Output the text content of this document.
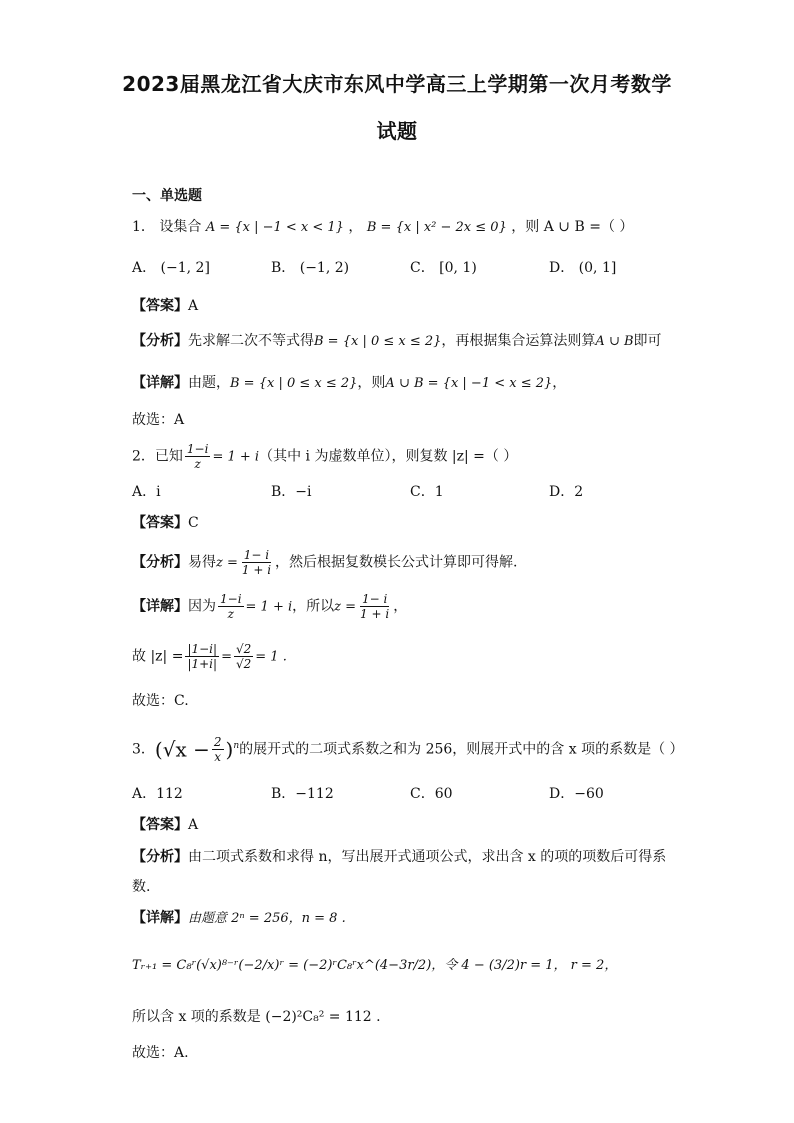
2023届黑龙江省大庆市东风中学高三上学期第一次月考数学
试题
一、单选题
1． 设集合 A = {x | −1 < x < 1} ， B = {x | x² − 2x ≤ 0} ，则 A ∪ B =（ ）
A． (−1, 2]	B． (−1, 2)	C． [0, 1)	D． (0, 1]
【答案】A
【分析】先求解二次不等式得B = {x | 0 ≤ x ≤ 2}，再根据集合运算法则算A ∪ B即可
【详解】由题，B = {x | 0 ≤ x ≤ 2}，则A ∪ B = {x | −1 < x ≤ 2}，
故选：A
2．已知 $\frac{1-i}{z} = 1 + i$（其中 i 为虚数单位），则复数 |z| =（ ）
A．i	B．−i	C．1	D．2
【答案】C
【分析】易得$z = \frac{1- i}{1 + i}$ ，然后根据复数模长公式计算即可得解.
【详解】因为 $\frac{1-i}{z} = 1 + i$，所以$z = \frac{1- i}{1 + i}$ ，
故 $|z| = \frac{|1-i|}{|1+i|} = \frac{√2}{√2} = 1$ .
故选：C.
3．$(√x - \frac{2}{x} )^n$的展开式的二项式系数之和为 256，则展开式中的含 x 项的系数是（ ）
A．112	B．−112	C．60	D．−60
【答案】A
【分析】由二项式系数和求得 n，写出展开式通项公式，求出含 x 的项的项数后可得系
数.
【详解】由题意 2ⁿ = 256，n = 8 .
Tᵣ₊₁ = C₈ʳ(√x)⁸⁻ʳ(−2/x)ʳ = (−2)ʳC₈ʳx^(4−3r/2)，令 4 − (3/2)r = 1， r = 2，
所以含 x 项的系数是 (−2)²C₈² = 112 .
故选：A.
